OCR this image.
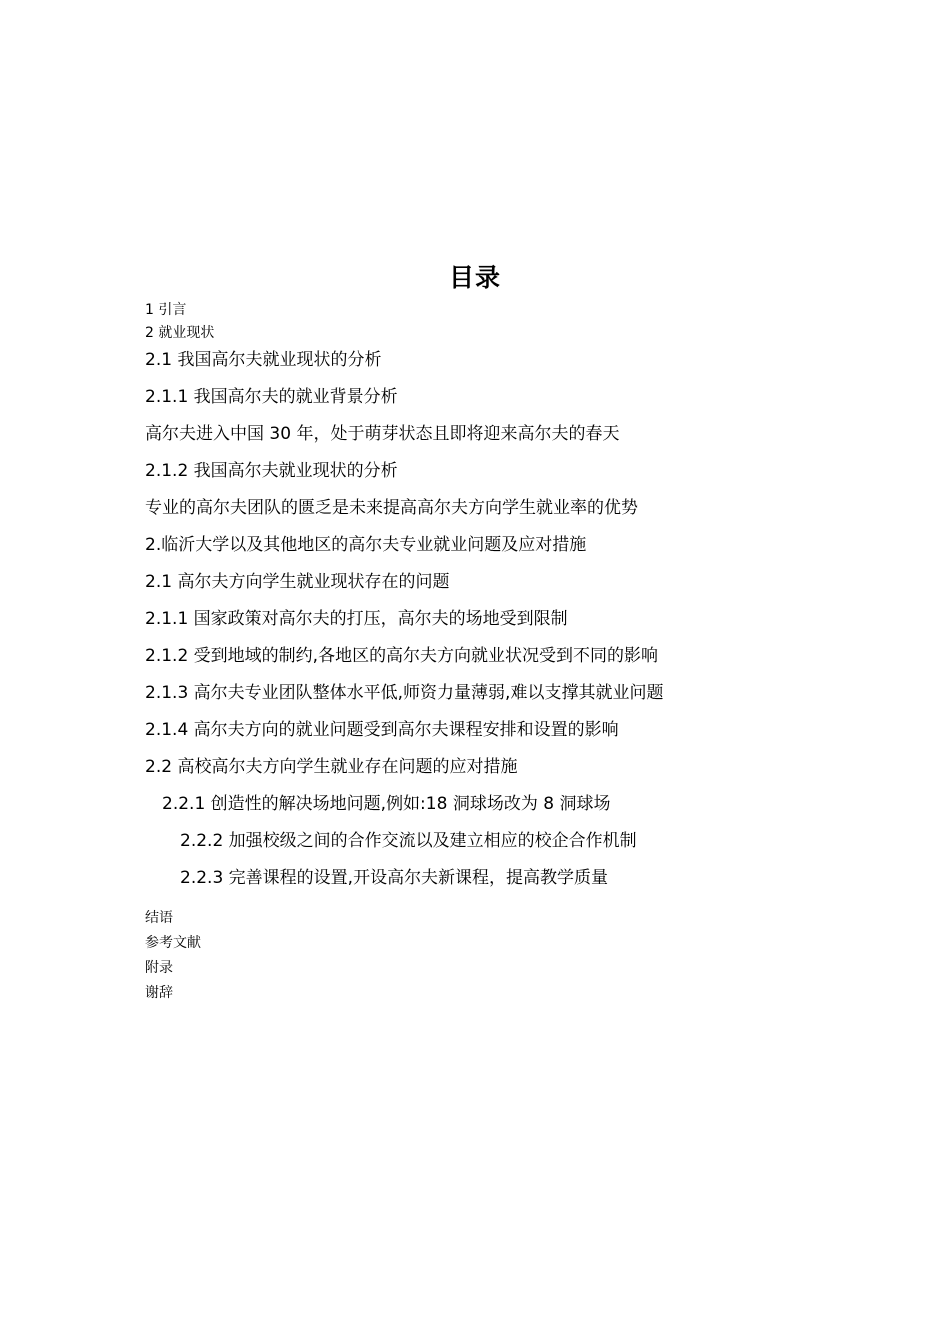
目录
1 引言
2 就业现状
2.1 我国高尔夫就业现状的分析
2.1.1 我国高尔夫的就业背景分析
高尔夫进入中国 30 年，处于萌芽状态且即将迎来高尔夫的春天
2.1.2 我国高尔夫就业现状的分析
专业的高尔夫团队的匮乏是未来提高高尔夫方向学生就业率的优势
2.临沂大学以及其他地区的高尔夫专业就业问题及应对措施
2.1 高尔夫方向学生就业现状存在的问题
2.1.1 国家政策对高尔夫的打压，高尔夫的场地受到限制
2.1.2 受到地域的制约,各地区的高尔夫方向就业状况受到不同的影响
2.1.3 高尔夫专业团队整体水平低,师资力量薄弱,难以支撑其就业问题
2.1.4 高尔夫方向的就业问题受到高尔夫课程安排和设置的影响
2.2 高校高尔夫方向学生就业存在问题的应对措施
2.2.1 创造性的解决场地问题,例如:18 洞球场改为 8 洞球场
2.2.2 加强校级之间的合作交流以及建立相应的校企合作机制
2.2.3 完善课程的设置,开设高尔夫新课程，提高教学质量
结语
参考文献
附录
谢辞
